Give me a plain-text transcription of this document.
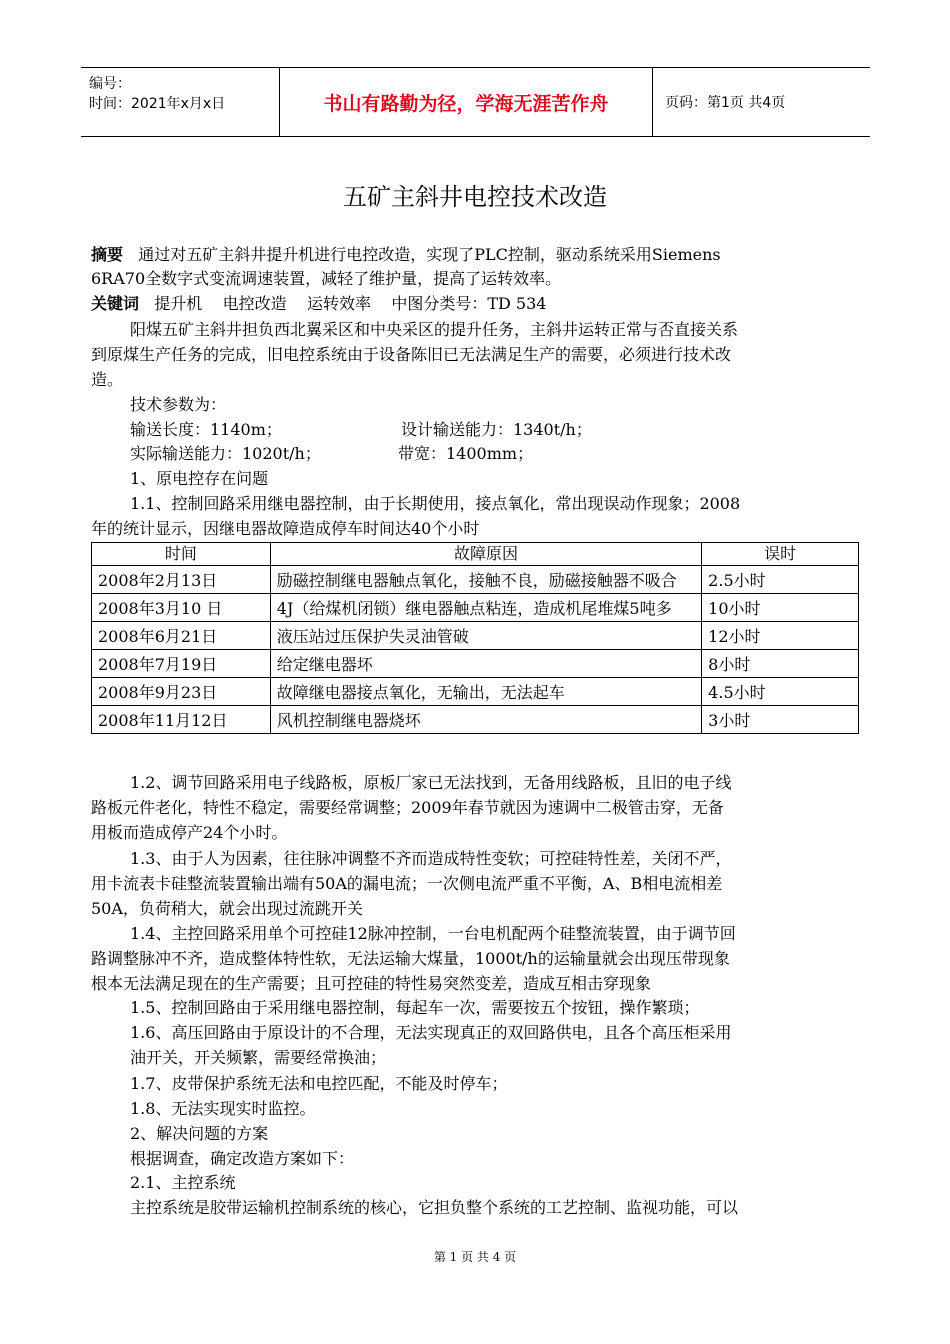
编号：
时间：2021年x月x日	书山有路勤为径，学海无涯苦作舟	页码：第1页 共4页
五矿主斜井电控技术改造
摘要 通过对五矿主斜井提升机进行电控改造，实现了PLC控制，驱动系统采用Siemens
6RA70全数字式变流调速装置，减轻了维护量，提高了运转效率。
关键词 提升机    电控改造    运转效率    中图分类号：TD 534
阳煤五矿主斜井担负西北翼采区和中央采区的提升任务，主斜井运转正常与否直接关系
到原煤生产任务的完成，旧电控系统由于设备陈旧已无法满足生产的需要，必须进行技术改
造。
技术参数为：
输送长度：1140m；	设计输送能力：1340t/h；
实际输送能力：1020t/h；	带宽：1400mm；
1、原电控存在问题
1.1、控制回路采用继电器控制，由于长期使用，接点氧化，常出现误动作现象；2008
年的统计显示，因继电器故障造成停车时间达40个小时
时间	故障原因	误时
2008年2月13日	励磁控制继电器触点氧化，接触不良，励磁接触器不吸合	2.5小时
2008年3月10 日	4J（给煤机闭锁）继电器触点粘连，造成机尾堆煤5吨多	10小时
2008年6月21日	液压站过压保护失灵油管破	12小时
2008年7月19日	给定继电器坏	8小时
2008年9月23日	故障继电器接点氧化，无输出，无法起车	4.5小时
2008年11月12日	风机控制继电器烧坏	3小时
1.2、调节回路采用电子线路板，原板厂家已无法找到，无备用线路板，且旧的电子线
路板元件老化，特性不稳定，需要经常调整；2009年春节就因为速调中二极管击穿，无备
用板而造成停产24个小时。
1.3、由于人为因素，往往脉冲调整不齐而造成特性变软；可控硅特性差，关闭不严，
用卡流表卡硅整流装置输出端有50A的漏电流；一次侧电流严重不平衡，A、B相电流相差
50A，负荷稍大，就会出现过流跳开关
1.4、主控回路采用单个可控硅12脉冲控制，一台电机配两个硅整流装置，由于调节回
路调整脉冲不齐，造成整体特性软，无法运输大煤量，1000t/h的运输量就会出现压带现象
根本无法满足现在的生产需要；且可控硅的特性易突然变差，造成互相击穿现象
1.5、控制回路由于采用继电器控制，每起车一次，需要按五个按钮，操作繁琐；
1.6、高压回路由于原设计的不合理，无法实现真正的双回路供电，且各个高压柜采用
油开关，开关频繁，需要经常换油；
1.7、皮带保护系统无法和电控匹配，不能及时停车；
1.8、无法实现实时监控。
2、解决问题的方案
根据调查，确定改造方案如下：
2.1、主控系统
主控系统是胶带运输机控制系统的核心，它担负整个系统的工艺控制、监视功能，可以
第 1 页 共 4 页
